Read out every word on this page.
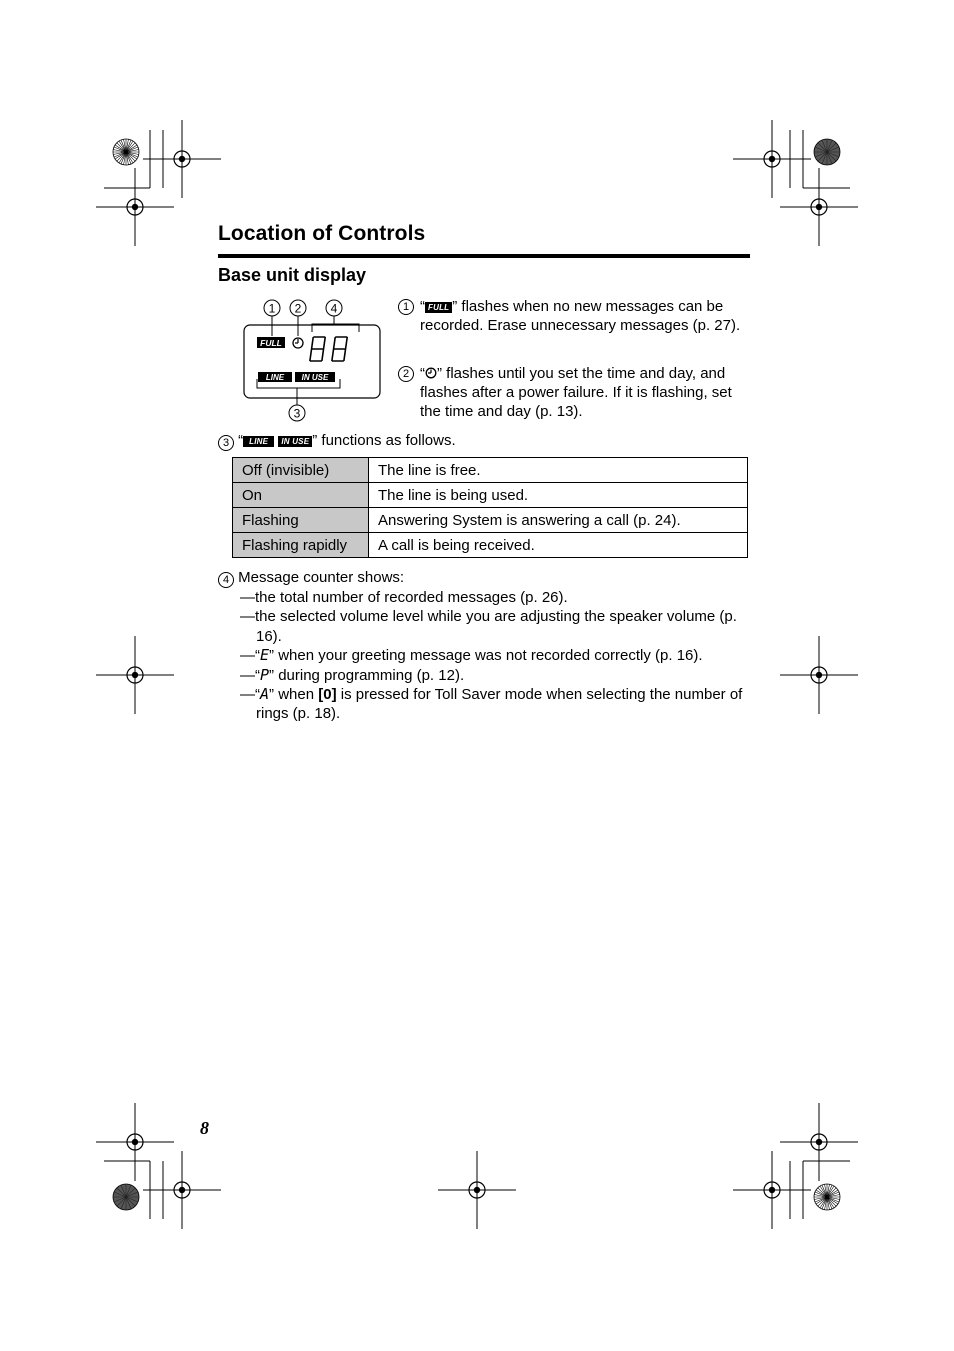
Location of Controls
Base unit display
1 2 4
3
FULL
LINE IN USE
1 “ FULL ” flashes when no new messages can be recorded. Erase unnecessary messages (p. 27).
2 “ ” flashes until you set the time and day, and flashes after a power failure. If it is flashing, set the time and day (p. 13).
3 “ LINE IN USE ” functions as follows.
Off (invisible)	The line is free.
On	The line is being used.
Flashing	Answering System is answering a call (p. 24).
Flashing rapidly	A call is being received.
4 Message counter shows:
—the total number of recorded messages (p. 26).
—the selected volume level while you are adjusting the speaker volume (p. 16).
—“E” when your greeting message was not recorded correctly (p. 16).
—“P” during programming (p. 12).
—“A” when [0] is pressed for Toll Saver mode when selecting the number of rings (p. 18).
8
